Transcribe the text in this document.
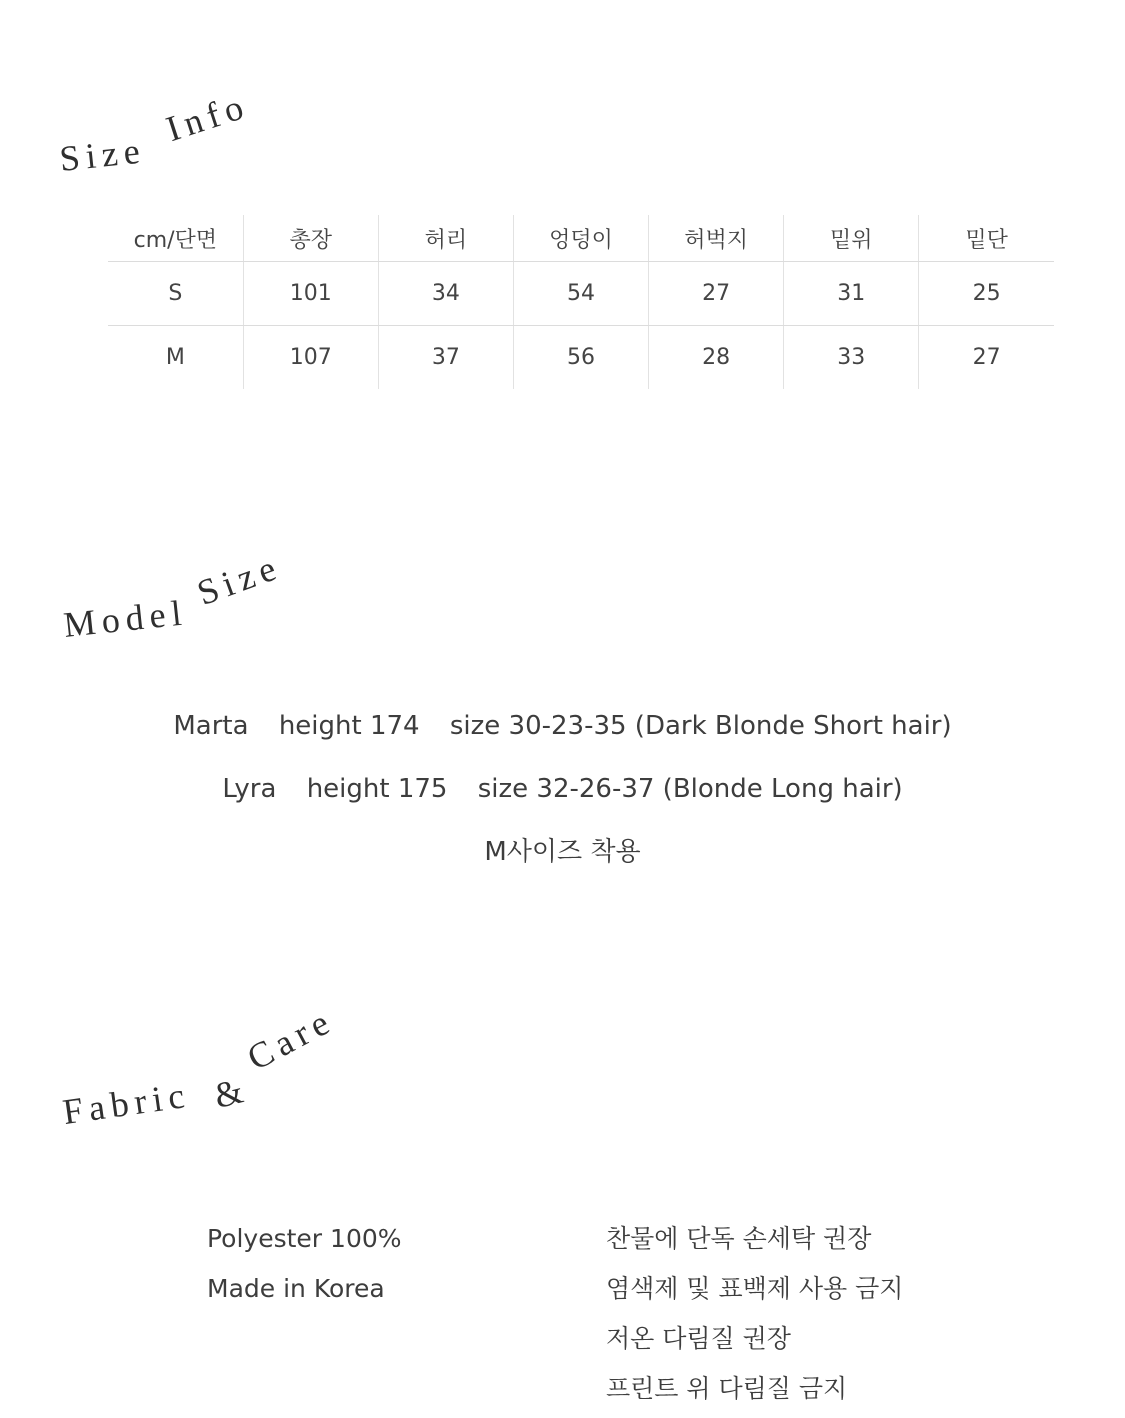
Size
Info
cm/단면	총장	허리	엉덩이	허벅지	밑위	밑단
S	101	34	54	27	31	25
M	107	37	56	28	33	27
Model
Size
Marta height 174 size 30-23-35 (Dark Blonde Short hair)
Lyra height 175 size 32-26-37 (Blonde Long hair)
M사이즈 착용
Fabric &
Care
Polyester 100%
Made in Korea
찬물에 단독 손세탁 권장
염색제 및 표백제 사용 금지
저온 다림질 권장
프린트 위 다림질 금지
